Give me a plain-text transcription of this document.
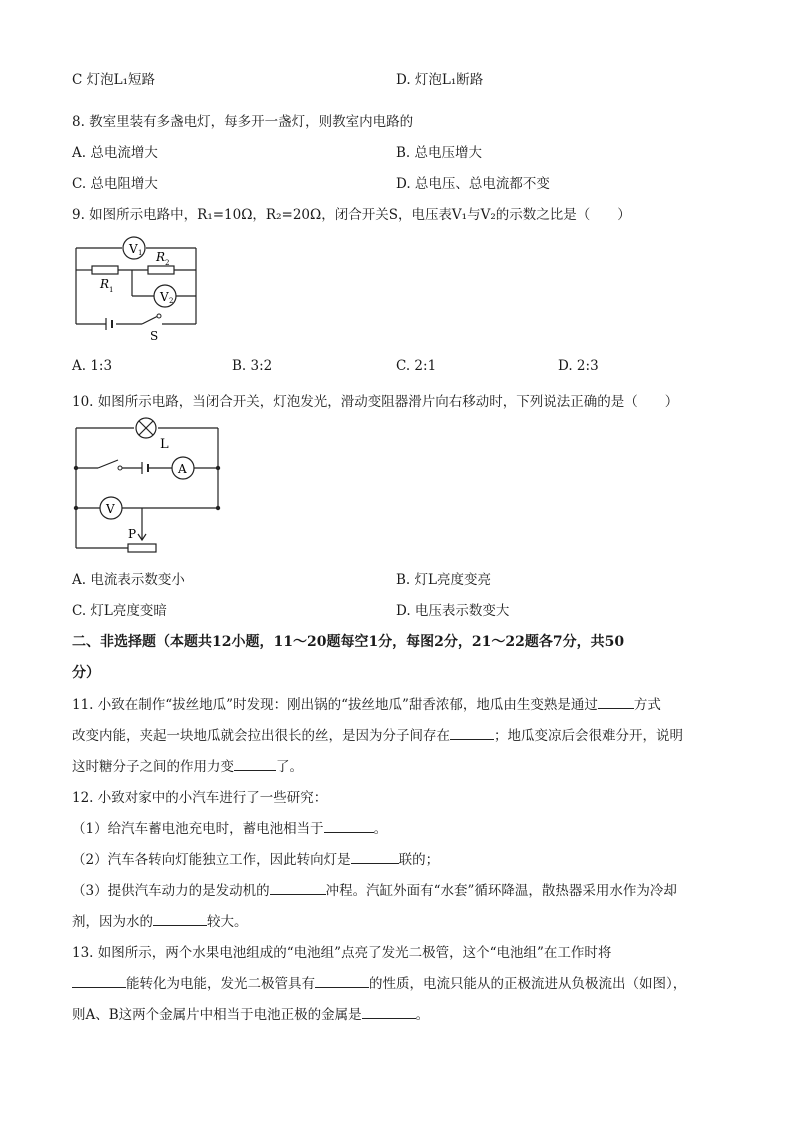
C 灯泡L₁短路	D. 灯泡L₁断路
8. 教室里装有多盏电灯，每多开一盏灯，则教室内电路的
A. 总电流增大	B. 总电压增大
C. 总电阻增大	D. 总电压、总电流都不变
9. 如图所示电路中，R₁=10Ω，R₂=20Ω，闭合开关S，电压表V₁与V₂的示数之比是（　　）
V 1
V 2
R 1
R 2
S
A. 1:3	B. 3:2	C. 2:1	D. 2:3
10. 如图所示电路，当闭合开关，灯泡发光，滑动变阻器滑片向右移动时，下列说法正确的是（　　）
L
A
V
P
A. 电流表示数变小	B. 灯L亮度变亮
C. 灯L亮度变暗	D. 电压表示数变大
二、非选择题（本题共12小题，11～20题每空1分，每图2分，21～22题各7分，共50
分）
11. 小致在制作“拔丝地瓜”时发现：刚出锅的“拔丝地瓜”甜香浓郁，地瓜由生变熟是通过	方式
改变内能，夹起一块地瓜就会拉出很长的丝，是因为分子间存在	；地瓜变凉后会很难分开，说明
这时糖分子之间的作用力变	了。
12. 小致对家中的小汽车进行了一些研究：
（1）给汽车蓄电池充电时，蓄电池相当于	。
（2）汽车各转向灯能独立工作，因此转向灯是	联的；
（3）提供汽车动力的是发动机的	冲程。汽缸外面有“水套”循环降温，散热器采用水作为冷却
剂，因为水的	较大。
13. 如图所示，两个水果电池组成的“电池组”点亮了发光二极管，这个“电池组”在工作时将
能转化为电能，发光二极管具有	的性质，电流只能从的正极流进从负极流出（如图），
则A、B这两个金属片中相当于电池正极的金属是	。
